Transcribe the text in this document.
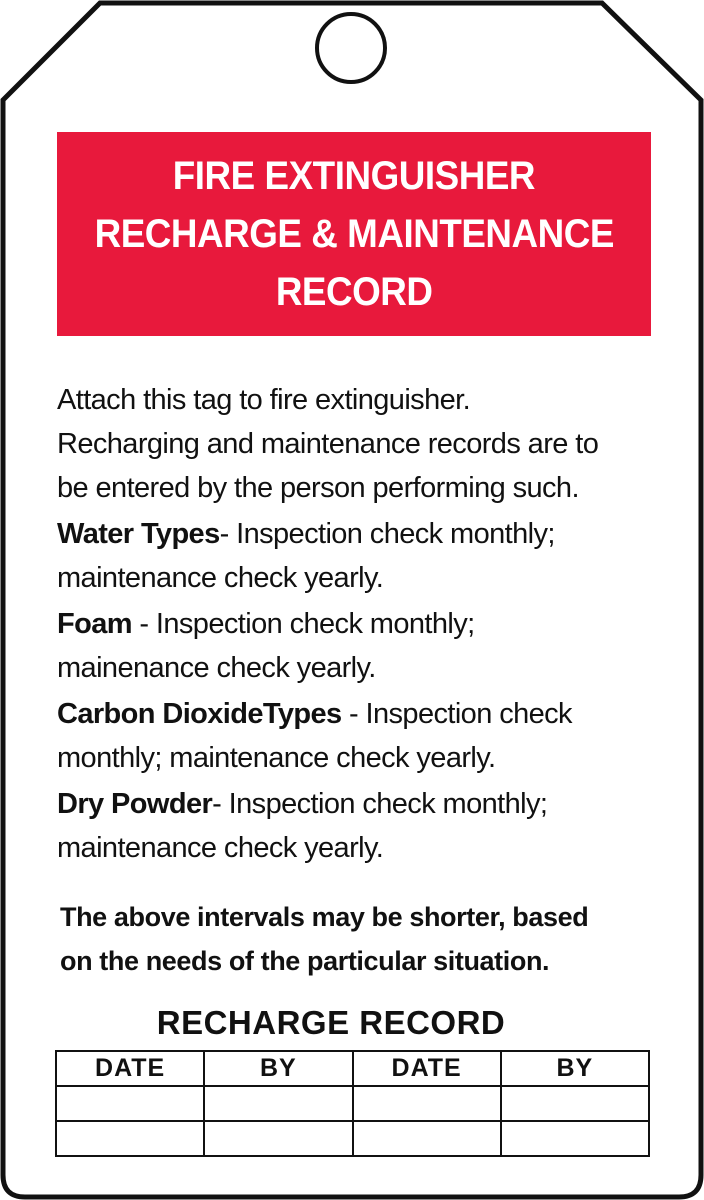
FIRE EXTINGUISHER
RECHARGE & MAINTENANCE
RECORD
Attach this tag to fire extinguisher.
Recharging and maintenance records are to
be entered by the person performing such.
Water Types- Inspection check monthly;
maintenance check yearly.
Foam - Inspection check monthly;
mainenance check yearly.
Carbon DioxideTypes - Inspection check
monthly; maintenance check yearly.
Dry Powder- Inspection check monthly;
maintenance check yearly.
The above intervals may be shorter, based
on the needs of the particular situation.
RECHARGE RECORD
DATE	BY	DATE	BY
